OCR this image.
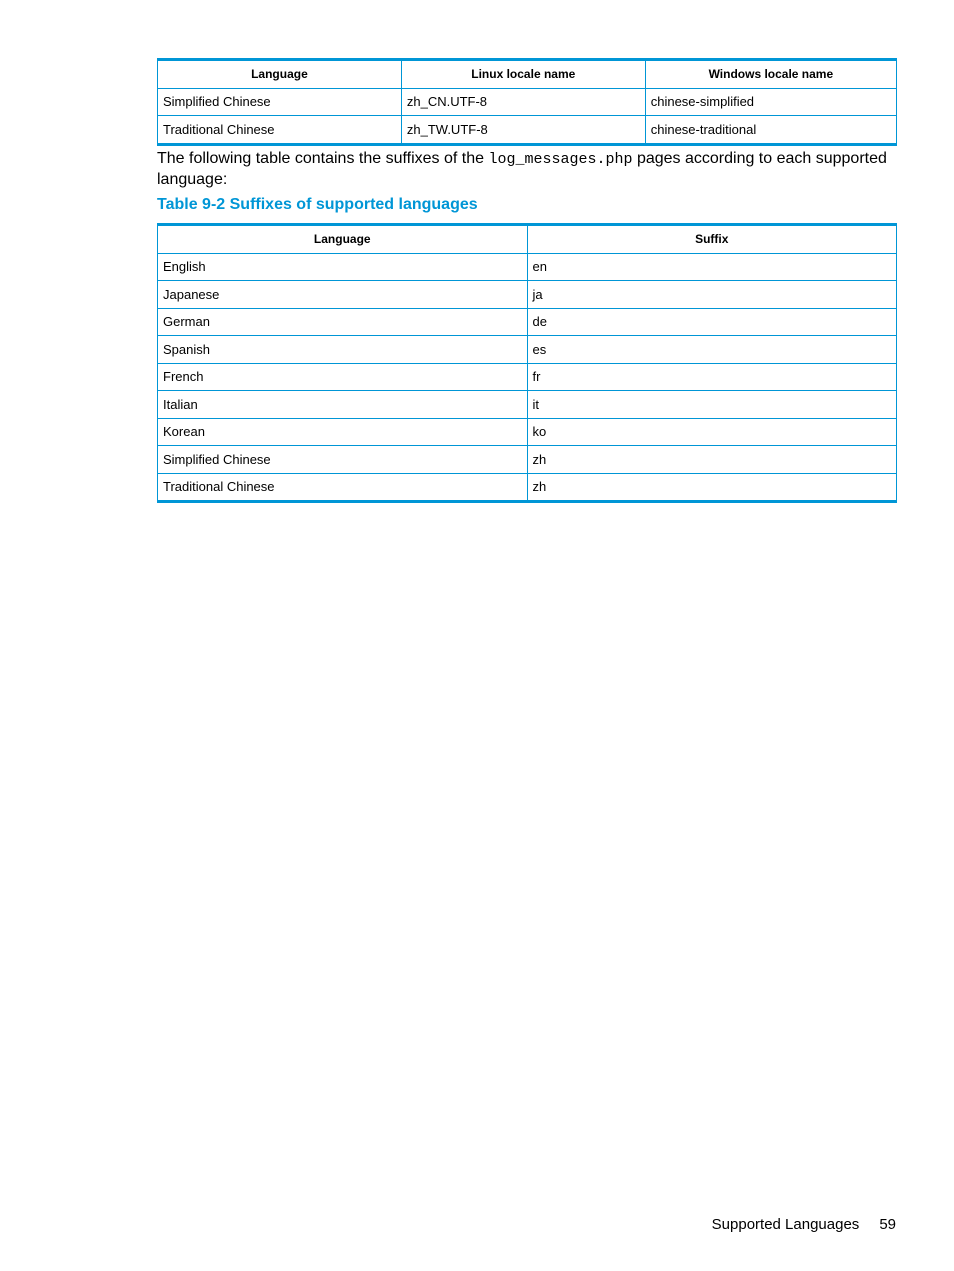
Language	Linux locale name	Windows locale name
Simplified Chinese	zh_CN.UTF-8	chinese-simplified
Traditional Chinese	zh_TW.UTF-8	chinese-traditional

The following table contains the suffixes of the log_messages.php pages according to each supported language:

Table 9-2 Suffixes of supported languages

Language	Suffix
English	en
Japanese	ja
German	de
Spanish	es
French	fr
Italian	it
Korean	ko
Simplified Chinese	zh
Traditional Chinese	zh
Supported Languages 59
